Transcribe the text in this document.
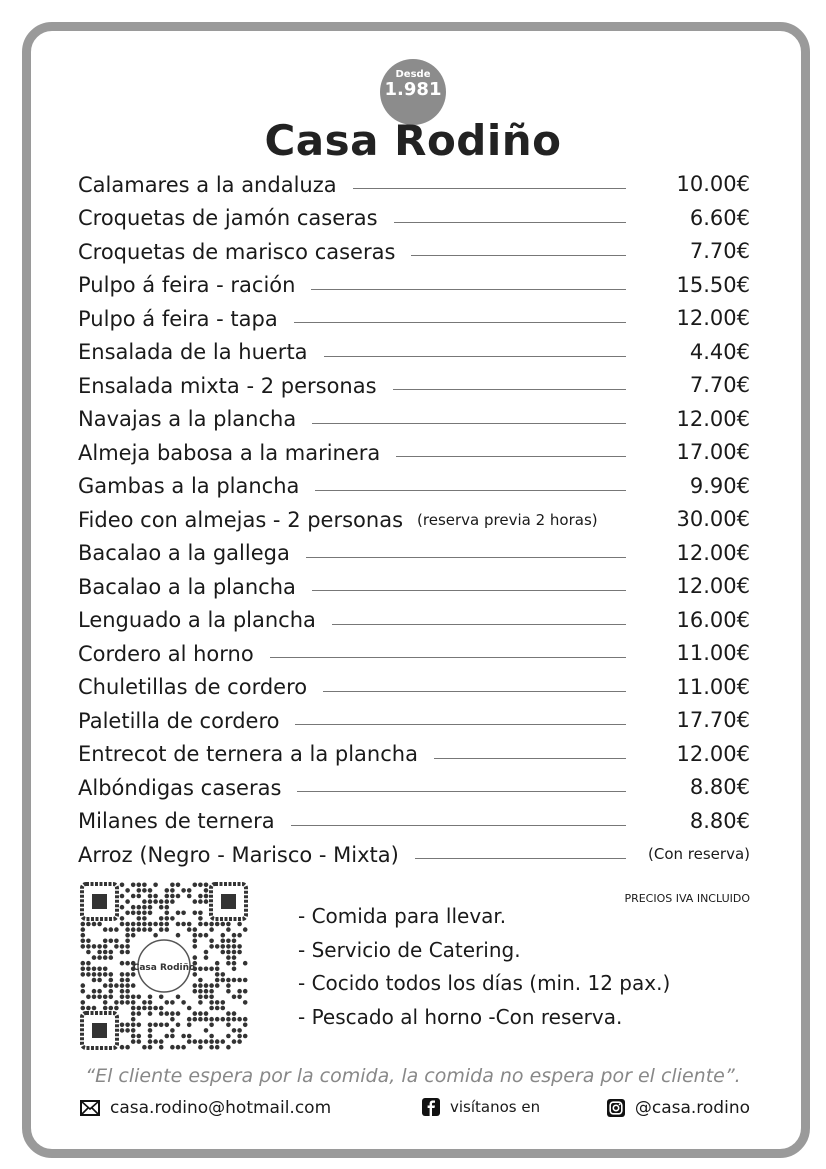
Desde
1.981
Casa Rodiño
Calamares a la andaluza	10.00€
Croquetas de jamón caseras	6.60€
Croquetas de marisco caseras	7.70€
Pulpo á feira - ración	15.50€
Pulpo á feira - tapa	12.00€
Ensalada de la huerta	4.40€
Ensalada mixta - 2 personas	7.70€
Navajas a la plancha	12.00€
Almeja babosa a la marinera	17.00€
Gambas a la plancha	9.90€
Fideo con almejas - 2 personas (reserva previa 2 horas)	30.00€
Bacalao a la gallega	12.00€
Bacalao a la plancha	12.00€
Lenguado a la plancha	16.00€
Cordero al horno	11.00€
Chuletillas de cordero	11.00€
Paletilla de cordero	17.70€
Entrecot de ternera a la plancha	12.00€
Albóndigas caseras	8.80€
Milanes de ternera	8.80€
Arroz (Negro - Marisco - Mixta)	(Con reserva)
Casa Rodiño
PRECIOS IVA INCLUIDO
- Comida para llevar.
- Servicio de Catering.
- Cocido todos los días (min. 12 pax.)
- Pescado al horno -Con reserva.
“El cliente espera por la comida, la comida no espera por el cliente”.
casa.rodino@hotmail.com	visítanos en	@casa.rodino
